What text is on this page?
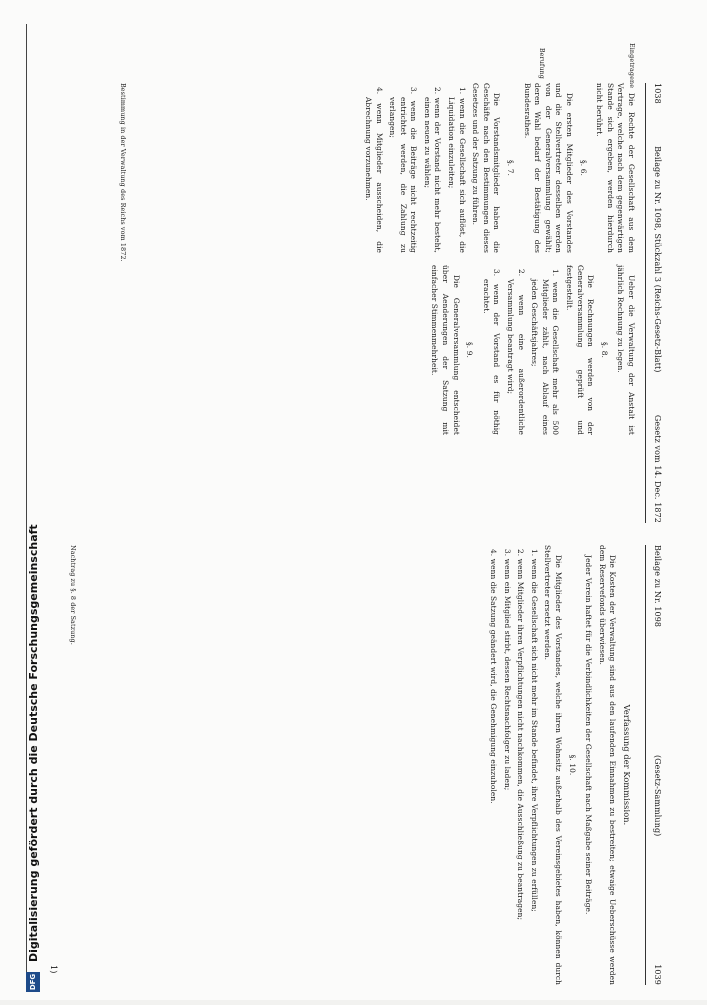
1038
Beilage zu Nr. 1098, Stückzahl 3 (Reichs-Gesetz-Blatt)
Gesetz vom 14. Dec. 1872
Beilage zu Nr. 1098
(Gesetz-Sammlung)
1039
Eingetragene
Berufung

Die Rechte der Gesellschaft aus dem Vertrage, welche nach dem gegenwärtigen Stande sich ergeben, werden hierdurch nicht berührt.

§. 6.

Die ersten Mitglieder des Vorstandes und die Stellvertreter desselben werden von der Generalversammlung gewählt; deren Wahl bedarf der Bestätigung des Bundesrathes.

§. 7.

Die Vorstandsmitglieder haben die Geschäfte nach den Bestimmungen dieses Gesetzes und der Satzung zu führen.

1. wenn die Gesellschaft sich auflöst, die Liquidation einzuleiten;
2. wenn der Vorstand nicht mehr besteht, einen neuen zu wählen;
3. wenn die Beiträge nicht rechtzeitig entrichtet werden, die Zahlung zu verlangen;
4. wenn Mitglieder ausscheiden, die Abrechnung vorzunehmen.

Ueber die Verwaltung der Anstalt ist jährlich Rechnung zu legen.

§. 8.

Die Rechnungen werden von der Generalversammlung geprüft und festgestellt.

1. wenn die Gesellschaft mehr als 500 Mitglieder zählt, nach Ablauf eines jeden Geschäftsjahres;
2. wenn eine außerordentliche Versammlung beantragt wird;
3. wenn der Vorstand es für nöthig erachtet.
§. 9.

Die Generalversammlung entscheidet über Aenderungen der Satzung mit einfacher Stimmenmehrheit.

Verfassung der Kommission.

Die Kosten der Verwaltung sind aus den laufenden Einnahmen zu bestreiten; etwaige Ueberschüsse werden dem Reservefonds überwiesen.

Jeder Verein haftet für die Verbindlichkeiten der Gesellschaft nach Maßgabe seiner Beiträge.

§. 10.

Die Mitglieder des Vorstandes, welche ihren Wohnsitz außerhalb des Vereinsgebietes haben, können durch Stellvertreter ersetzt werden.

1. wenn die Gesellschaft sich nicht mehr im Stande befindet, ihre Verpflichtungen zu erfüllen;
2. wenn Mitglieder ihren Verpflichtungen nicht nachkommen, die Ausschließung zu beantragen;
3. wenn ein Mitglied stirbt, dessen Rechtsnachfolger zu laden;
4. wenn die Satzung geändert wird, die Genehmigung einzuholen.
Bestimmung in der Verwaltung des Reichs vom 1872.
Nachtrag zu §. 8 der Satzung.
1)
DFG
Digitalisierung gefördert durch die Deutsche Forschungsgemeinschaft
